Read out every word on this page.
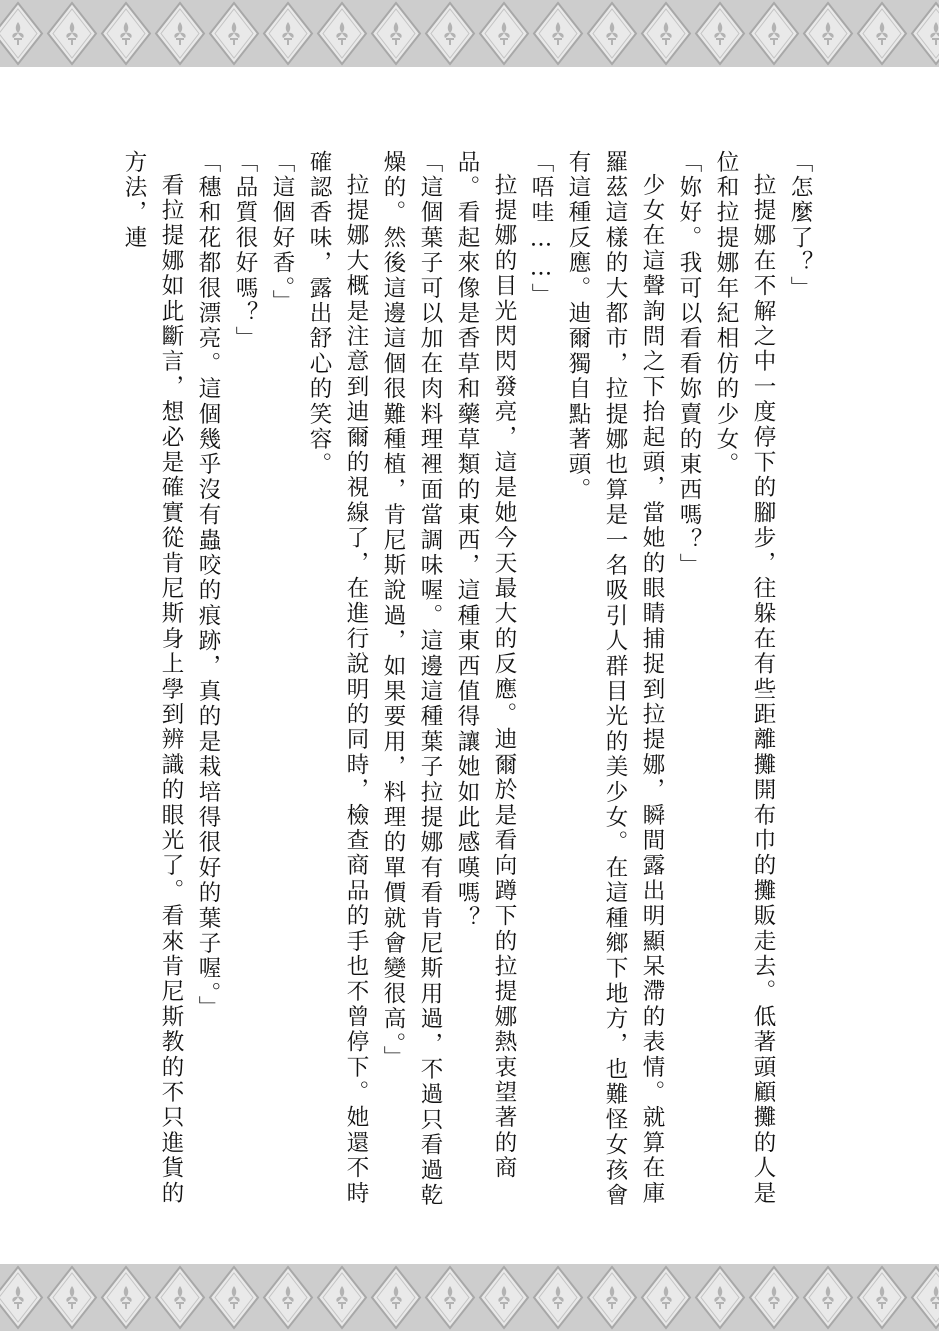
「怎麼了？」

拉提娜在不解之中一度停下的腳步，往躲在有些距離攤開布巾的攤販走去。低著頭顧攤的人是位和拉提娜年紀相仿的少女。

「妳好。我可以看看妳賣的東西嗎？」

少女在這聲詢問之下抬起頭，當她的眼睛捕捉到拉提娜，瞬間露出明顯呆滯的表情。就算在庫羅茲這樣的大都市，拉提娜也算是一名吸引人群目光的美少女。在這種鄉下地方，也難怪女孩會有這種反應。迪爾獨自點著頭。

「唔哇……」

拉提娜的目光閃閃發亮，這是她今天最大的反應。迪爾於是看向蹲下的拉提娜熱衷望著的商品。看起來像是香草和藥草類的東西，這種東西值得讓她如此感嘆嗎？

「這個葉子可以加在肉料理裡面當調味喔。這邊這種葉子拉提娜有看肯尼斯用過，不過只看過乾燥的。然後這邊這個很難種植，肯尼斯說過，如果要用，料理的單價就會變很高。」

拉提娜大概是注意到迪爾的視線了，在進行說明的同時，檢查商品的手也不曾停下。她還不時確認香味，露出舒心的笑容。

「這個好香。」

「品質很好嗎？」

「穗和花都很漂亮。這個幾乎沒有蟲咬的痕跡，真的是栽培得很好的葉子喔。」

看拉提娜如此斷言，想必是確實從肯尼斯身上學到辨識的眼光了。看來肯尼斯教的不只進貨的方法，連
